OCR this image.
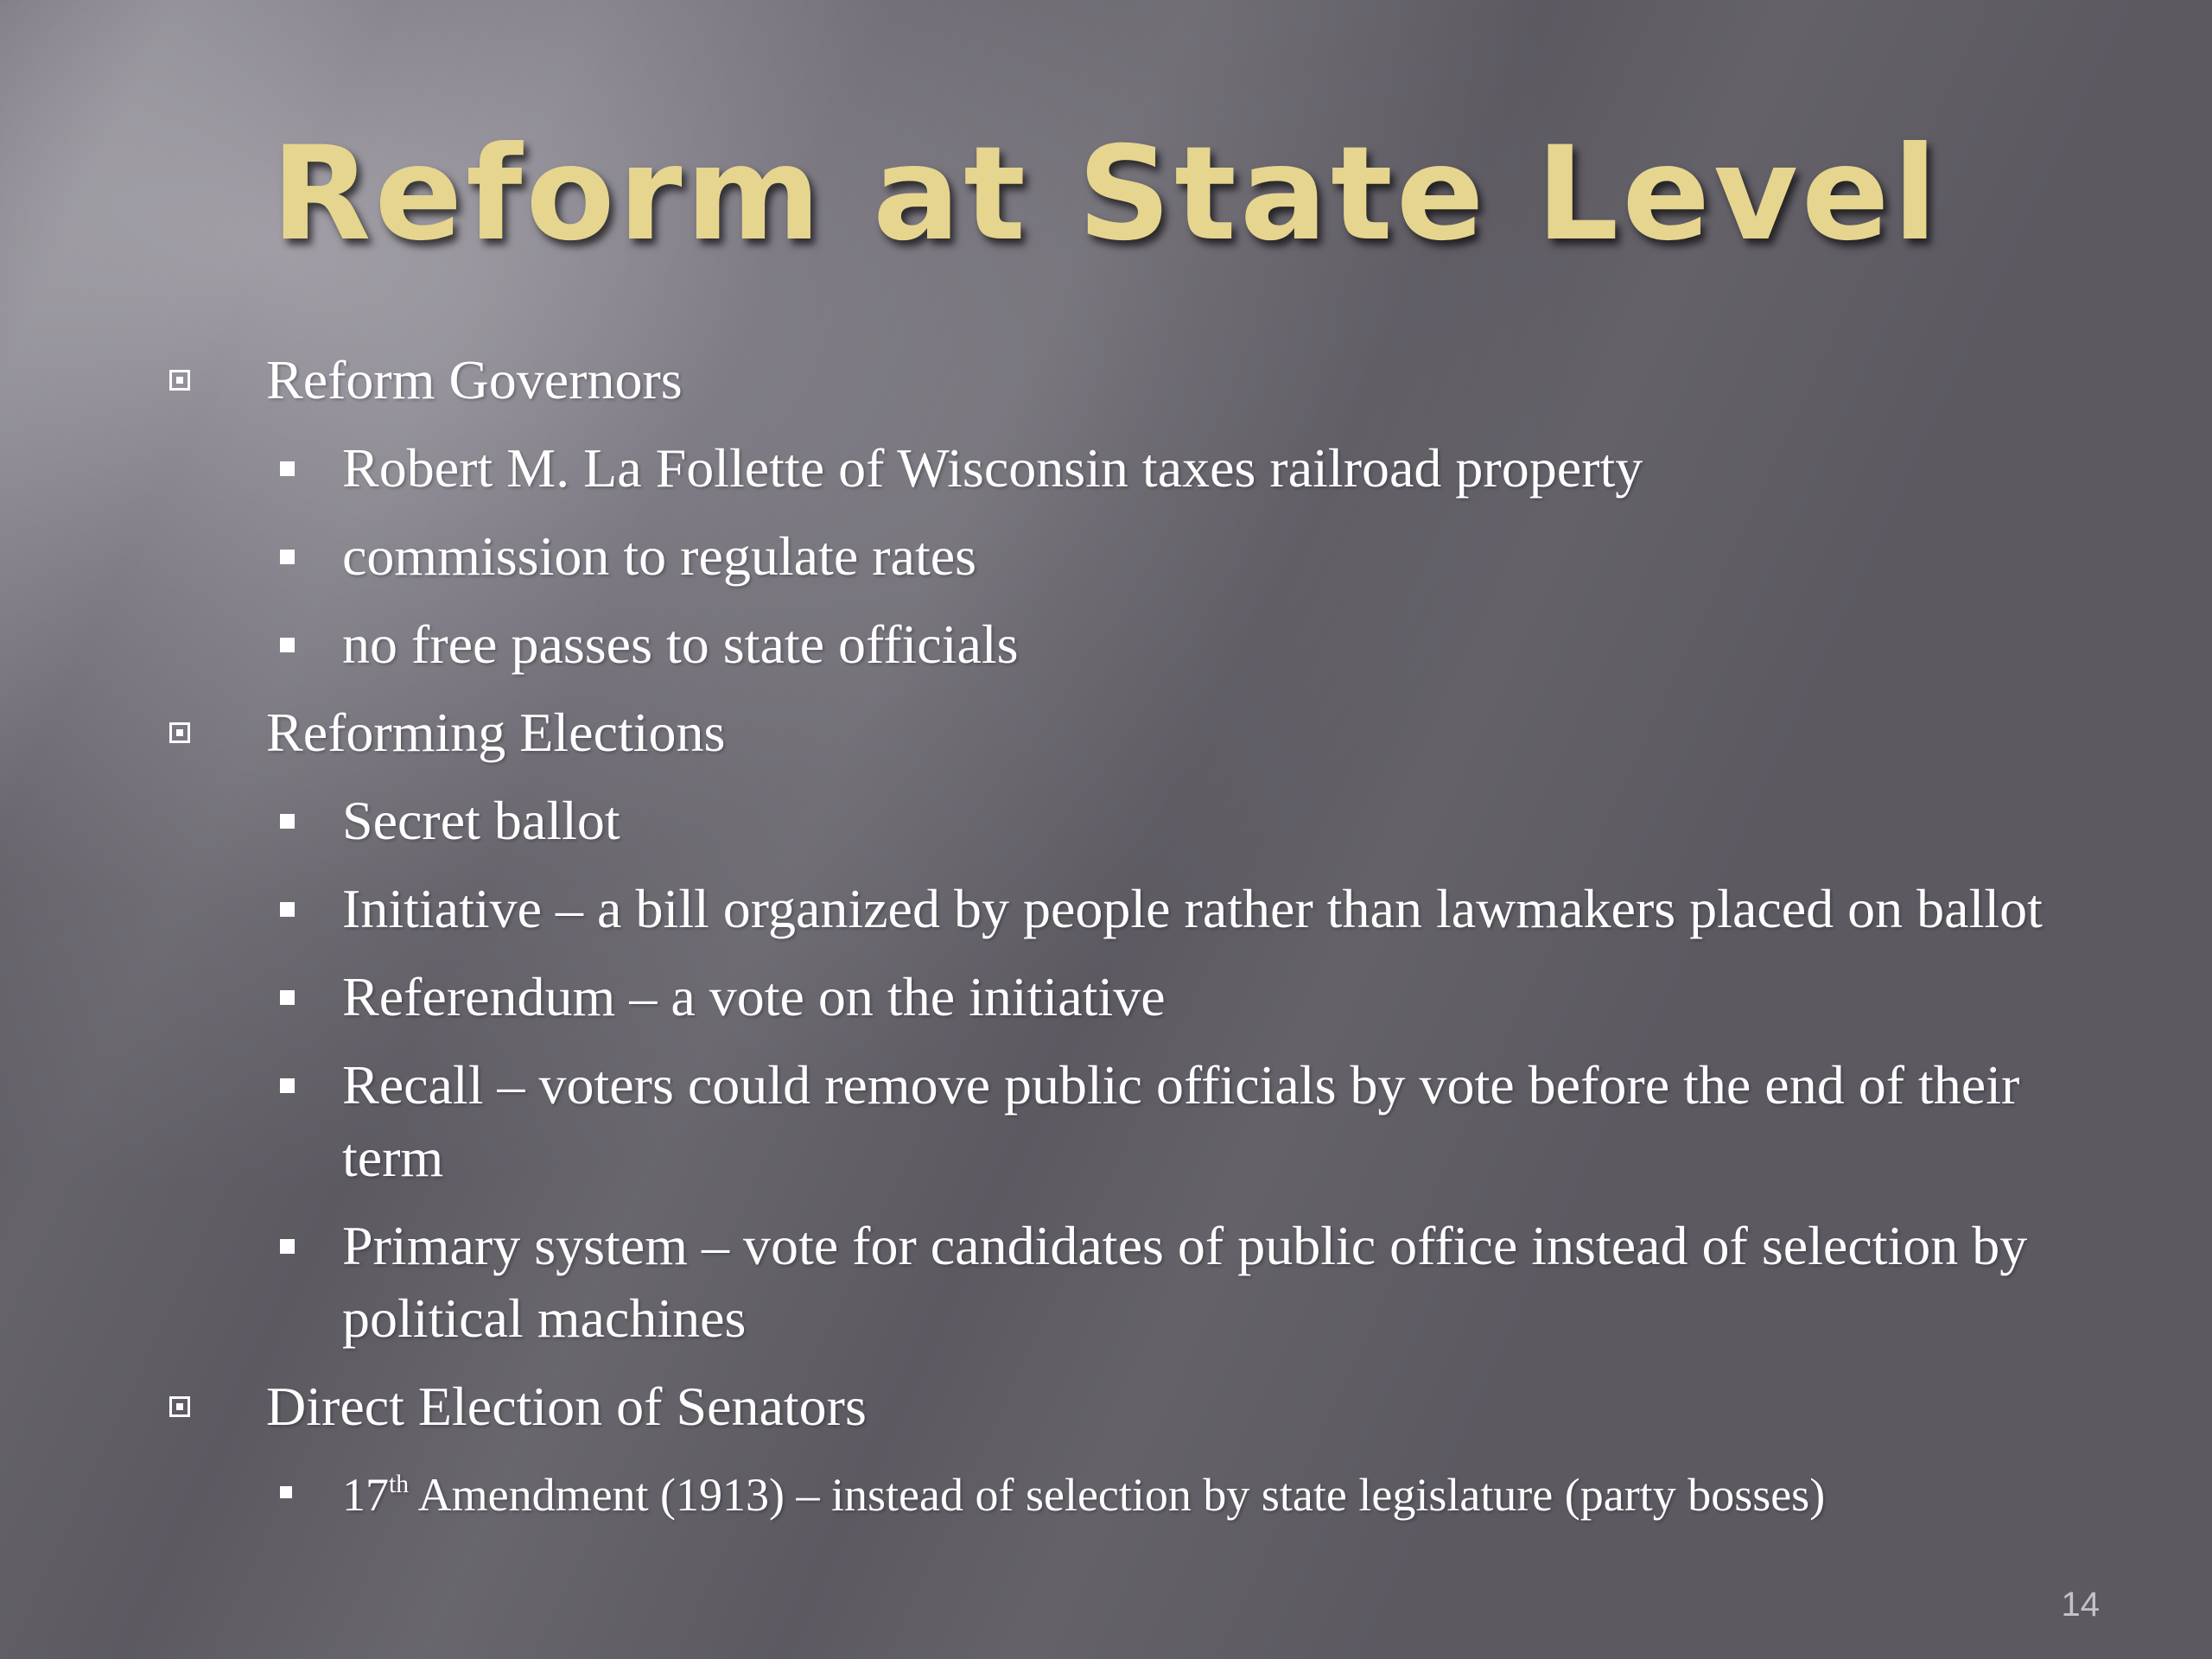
Reform at State Level
Reform Governors
Robert M. La Follette of Wisconsin taxes railroad property
commission to regulate rates
no free passes to state officials
Reforming Elections
Secret ballot
Initiative – a bill organized by people rather than lawmakers placed on ballot
Referendum – a vote on the initiative
Recall – voters could remove public officials by vote before the end of their term
Primary system – vote for candidates of public office instead of selection by political machines
Direct Election of Senators
17th Amendment (1913) – instead of selection by state legislature (party bosses)
14
